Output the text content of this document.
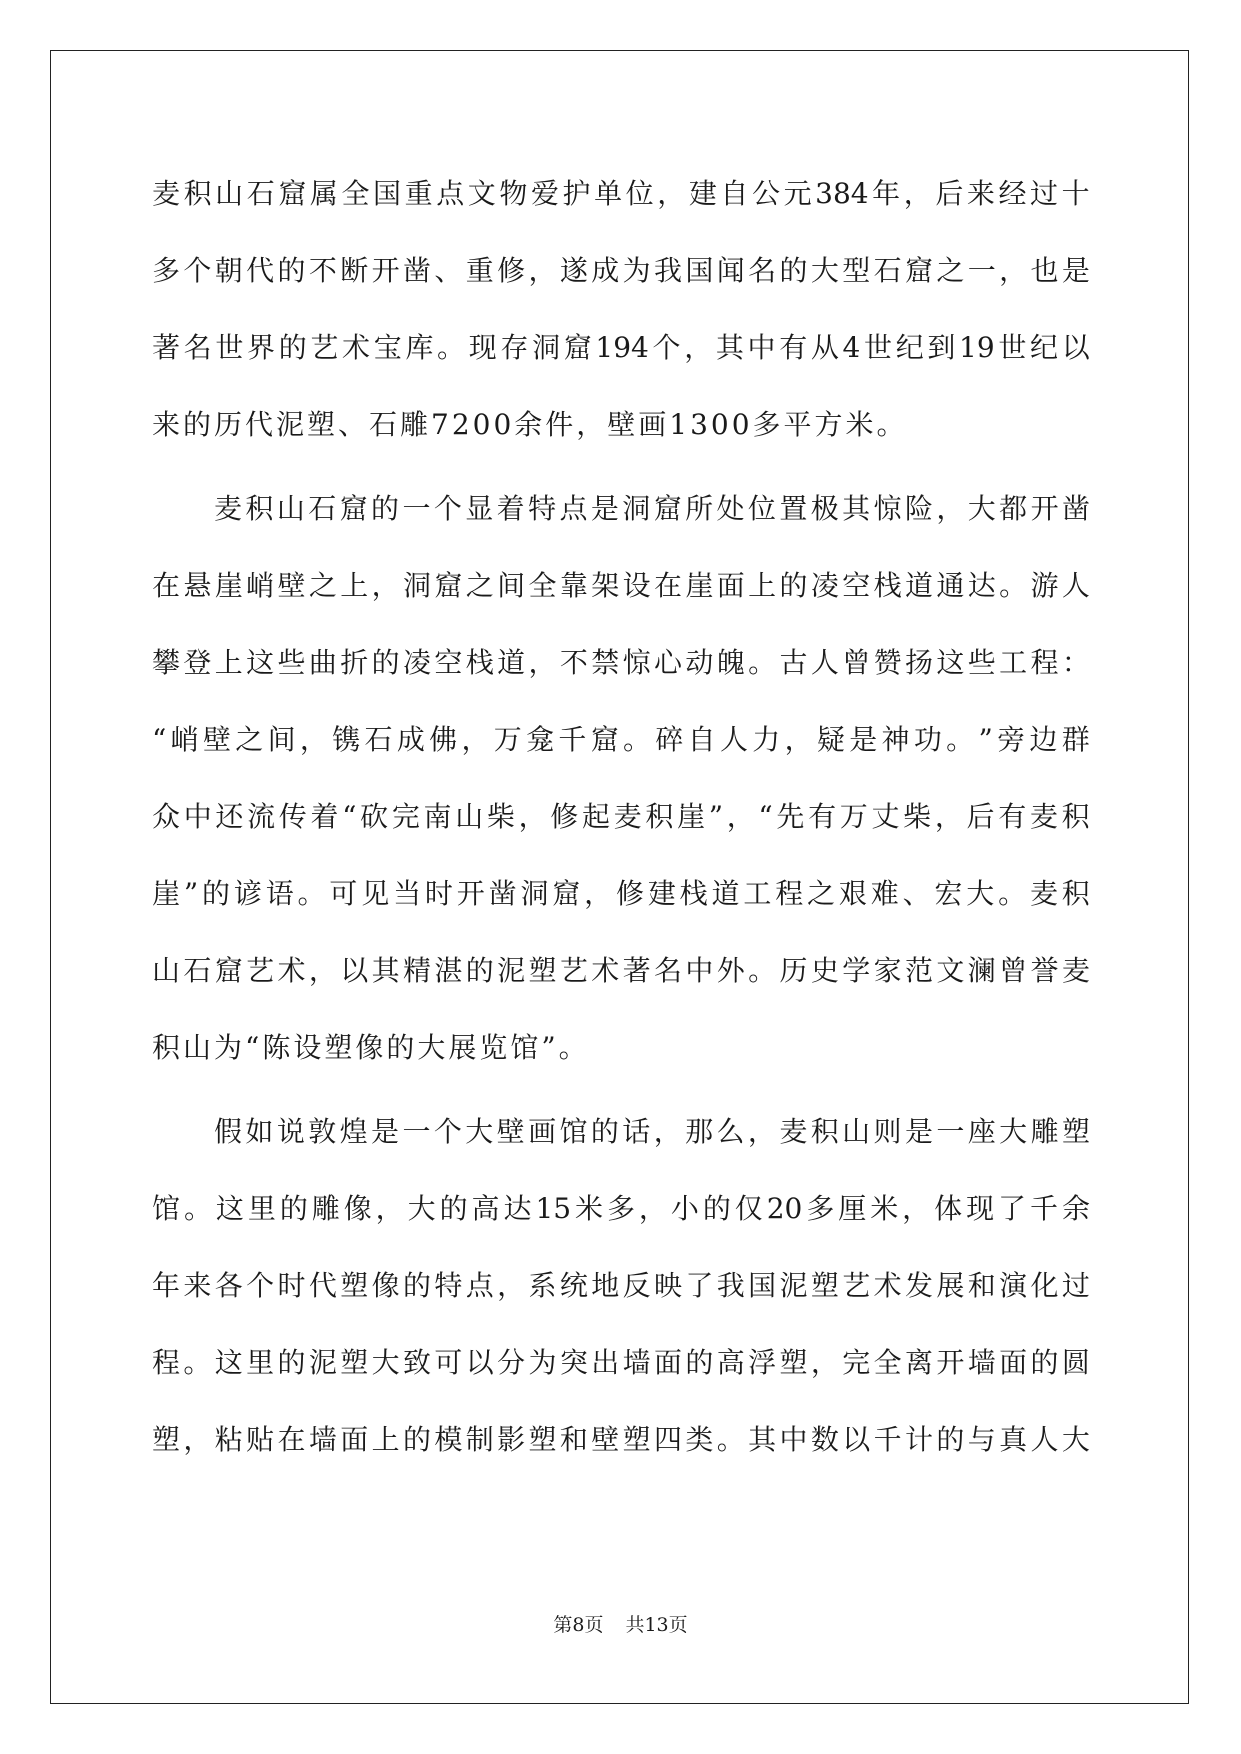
麦 积 山 石 窟 属 全 国 重 点 文 物 爱 护 单 位 ， 建 自 公 元 384 年 ， 后 来 经 过 十
多 个 朝 代 的 不 断 开 凿 、 重 修 ， 遂 成 为 我 国 闻 名 的 大 型 石 窟 之 一 ， 也 是
著 名 世 界 的 艺 术 宝 库 。 现 存 洞 窟 194 个 ， 其 中 有 从 4 世 纪 到 19 世 纪 以
来的历代泥塑、石雕7200余件，壁画1300多平方米。
麦 积 山 石 窟 的 一 个 显 着 特 点 是 洞 窟 所 处 位 置 极 其 惊 险 ， 大 都 开 凿
在 悬 崖 峭 壁 之 上 ， 洞 窟 之 间 全 靠 架 设 在 崖 面 上 的 凌 空 栈 道 通 达 。 游 人
攀 登 上 这 些 曲 折 的 凌 空 栈 道 ， 不 禁 惊 心 动 魄 。 古 人 曾 赞 扬 这 些 工 程 ：
“ 峭 壁 之 间 ， 镌 石 成 佛 ， 万 龛 千 窟 。 碎 自 人 力 ， 疑 是 神 功 。 ” 旁 边 群
众 中 还 流 传 着 “ 砍 完 南 山 柴 ， 修 起 麦 积 崖 ” ， “ 先 有 万 丈 柴 ， 后 有 麦 积
崖 ” 的 谚 语 。 可 见 当 时 开 凿 洞 窟 ， 修 建 栈 道 工 程 之 艰 难 、 宏 大 。 麦 积
山 石 窟 艺 术 ， 以 其 精 湛 的 泥 塑 艺 术 著 名 中 外 。 历 史 学 家 范 文 澜 曾 誉 麦
积山为“陈设塑像的大展览馆”。
假 如 说 敦 煌 是 一 个 大 壁 画 馆 的 话 ， 那 么 ， 麦 积 山 则 是 一 座 大 雕 塑
馆 。 这 里 的 雕 像 ， 大 的 高 达 15 米 多 ， 小 的 仅 20 多 厘 米 ， 体 现 了 千 余
年 来 各 个 时 代 塑 像 的 特 点 ， 系 统 地 反 映 了 我 国 泥 塑 艺 术 发 展 和 演 化 过
程 。 这 里 的 泥 塑 大 致 可 以 分 为 突 出 墙 面 的 高 浮 塑 ， 完 全 离 开 墙 面 的 圆
塑 ， 粘 贴 在 墙 面 上 的 模 制 影 塑 和 壁 塑 四 类 。 其 中 数 以 千 计 的 与 真 人 大
第8页 共13页
